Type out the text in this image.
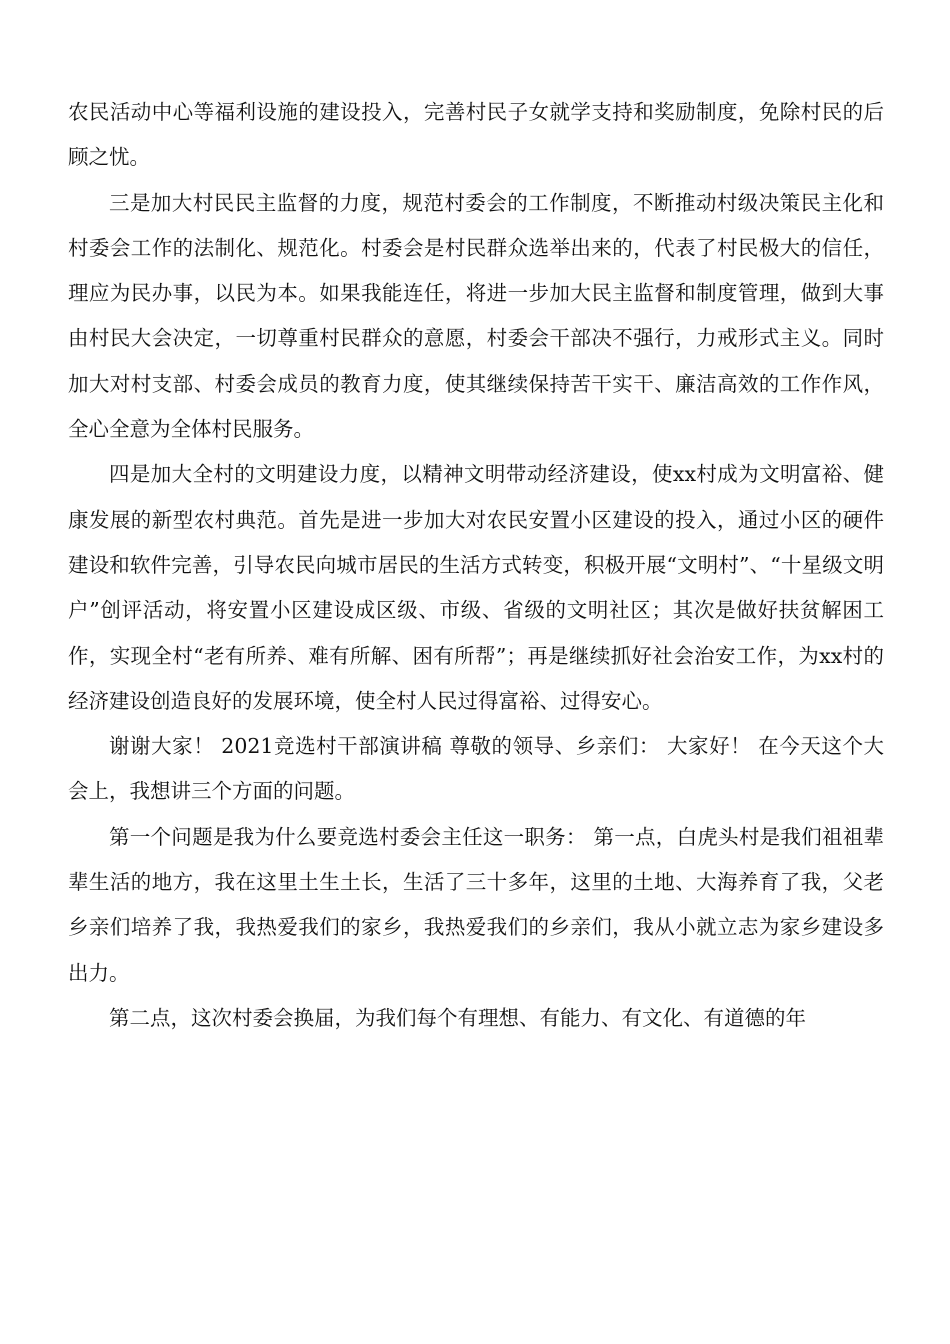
农民活动中心等福利设施的建设投入，完善村民子女就学支持和奖励制度，免除村民的后顾之忧。

三是加大村民民主监督的力度，规范村委会的工作制度，不断推动村级决策民主化和村委会工作的法制化、规范化。村委会是村民群众选举出来的，代表了村民极大的信任，理应为民办事，以民为本。如果我能连任，将进一步加大民主监督和制度管理，做到大事由村民大会决定，一切尊重村民群众的意愿，村委会干部决不强行，力戒形式主义。同时加大对村支部、村委会成员的教育力度，使其继续保持苦干实干、廉洁高效的工作作风，全心全意为全体村民服务。

四是加大全村的文明建设力度，以精神文明带动经济建设，使xx村成为文明富裕、健康发展的新型农村典范。首先是进一步加大对农民安置小区建设的投入，通过小区的硬件建设和软件完善，引导农民向城市居民的生活方式转变，积极开展“文明村”、“十星级文明户”创评活动，将安置小区建设成区级、市级、省级的文明社区；其次是做好扶贫解困工作，实现全村“老有所养、难有所解、困有所帮”；再是继续抓好社会治安工作，为xx村的经济建设创造良好的发展环境，使全村人民过得富裕、过得安心。

谢谢大家！ 2021竞选村干部演讲稿 尊敬的领导、乡亲们： 大家好！ 在今天这个大会上，我想讲三个方面的问题。

第一个问题是我为什么要竞选村委会主任这一职务： 第一点，白虎头村是我们祖祖辈辈生活的地方，我在这里土生土长，生活了三十多年，这里的土地、大海养育了我，父老乡亲们培养了我，我热爱我们的家乡，我热爱我们的乡亲们，我从小就立志为家乡建设多出力。

第二点，这次村委会换届，为我们每个有理想、有能力、有文化、有道德的年
